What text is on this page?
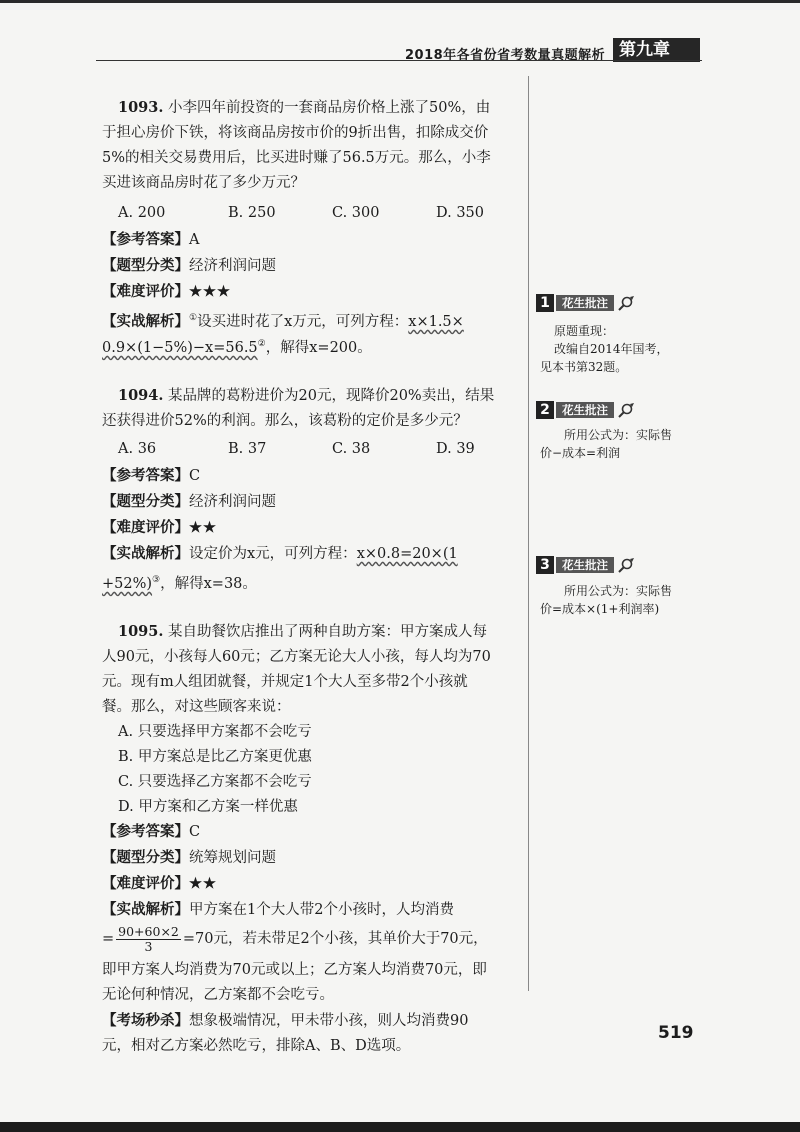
2018年各省份省考数量真题解析 第九章
1093. 小李四年前投资的一套商品房价格上涨了50%，由
于担心房价下铁，将该商品房按市价的9折出售，扣除成交价
5%的相关交易费用后，比买进时赚了56.5万元。那么，小李
买进该商品房时花了多少万元？
A. 200	B. 250	C. 300	D. 350
【参考答案】A
【题型分类】经济利润问题
【难度评价】★★★
【实战解析】①设买进时花了x万元，可列方程：x×1.5×
0.9×(1−5%)−x=56.5②，解得x=200。
1094. 某品牌的葛粉进价为20元，现降价20%卖出，结果
还获得进价52%的利润。那么，该葛粉的定价是多少元？
A. 36	B. 37	C. 38	D. 39
【参考答案】C
【题型分类】经济利润问题
【难度评价】★★
【实战解析】设定价为x元，可列方程：x×0.8=20×(1
+52%)③，解得x=38。
1095. 某自助餐饮店推出了两种自助方案：甲方案成人每
人90元，小孩每人60元；乙方案无论大人小孩，每人均为70
元。现有m人组团就餐，并规定1个大人至多带2个小孩就
餐。那么，对这些顾客来说：
A. 只要选择甲方案都不会吃亏
B. 甲方案总是比乙方案更优惠
C. 只要选择乙方案都不会吃亏
D. 甲方案和乙方案一样优惠
【参考答案】C
【题型分类】统筹规划问题
【难度评价】★★
【实战解析】甲方案在1个大人带2个小孩时，人均消费
= $\frac{90+60\times 2}{3} =70$元，若未带足2个小孩，其单价大于70元，
即甲方案人均消费为70元或以上；乙方案人均消费70元，即
无论何种情况，乙方案都不会吃亏。
【考场秒杀】想象极端情况，甲未带小孩，则人均消费90
元，相对乙方案必然吃亏，排除A、B、D选项。
1	花生批注
原题重现：
改编自2014年国考，
见本书第32题。
2	花生批注
所用公式为：实际售
价−成本=利润
3	花生批注
所用公式为：实际售
价=成本×(1+利润率)
519
